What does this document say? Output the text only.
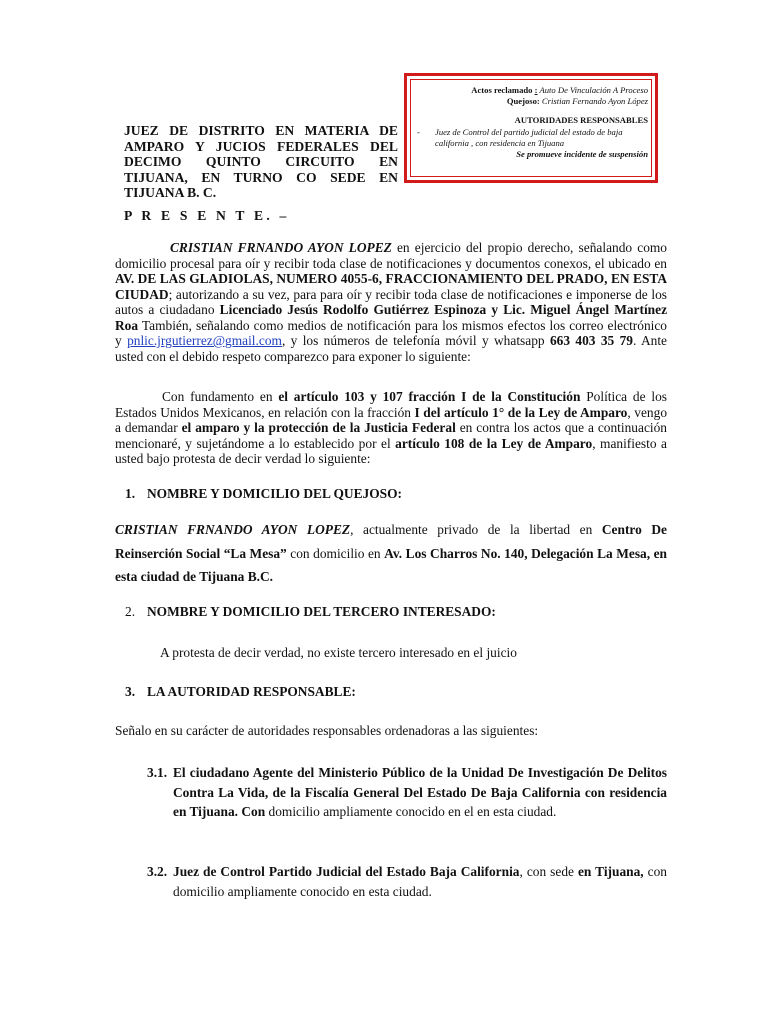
Actos reclamado : Auto De Vinculación A Proceso
Quejoso: Cristian Fernando Ayon López
AUTORIDADES RESPONSABLES
-	Juez de Control del partido judicial del estado de baja california , con residencia en Tijuana
Se promueve incidente de suspensión
JUEZ DE DISTRITO EN MATERIA DE AMPARO Y JUCIOS FEDERALES DEL DECIMO QUINTO CIRCUITO EN TIJUANA, EN TURNO CO SEDE EN TIJUANA B. C.
P R E S E N T E. –
CRISTIAN FRNANDO AYON LOPEZ en ejercicio del propio derecho, señalando como domicilio procesal para oír y recibir toda clase de notificaciones y documentos conexos, el ubicado en AV. DE LAS GLADIOLAS, NUMERO 4055-6, FRACCIONAMIENTO DEL PRADO, EN ESTA CIUDAD; autorizando a su vez, para para oír y recibir toda clase de notificaciones e imponerse de los autos a ciudadano Licenciado Jesús Rodolfo Gutiérrez Espinoza y Lic. Miguel Ángel Martínez Roa También, señalando como medios de notificación para los mismos efectos los correo electrónico y pnlic.jrgutierrez@gmail.com, y los números de telefonía móvil y whatsapp 663 403 35 79. Ante usted con el debido respeto comparezco para exponer lo siguiente:
Con fundamento en el artículo 103 y 107 fracción I de la Constitución Política de los Estados Unidos Mexicanos, en relación con la fracción I del artículo 1° de la Ley de Amparo, vengo a demandar el amparo y la protección de la Justicia Federal en contra los actos que a continuación mencionaré, y sujetándome a lo establecido por el artículo 108 de la Ley de Amparo, manifiesto a usted bajo protesta de decir verdad lo siguiente:
1. NOMBRE Y DOMICILIO DEL QUEJOSO:
CRISTIAN FRNANDO AYON LOPEZ, actualmente privado de la libertad en Centro De Reinserción Social “La Mesa” con domicilio en Av. Los Charros No. 140, Delegación La Mesa, en esta ciudad de Tijuana B.C.
2. NOMBRE Y DOMICILIO DEL TERCERO INTERESADO:
A protesta de decir verdad, no existe tercero interesado en el juicio
3. LA AUTORIDAD RESPONSABLE:
Señalo en su carácter de autoridades responsables ordenadoras a las siguientes:
3.1. El ciudadano Agente del Ministerio Público de la Unidad De Investigación De Delitos Contra La Vida, de la Fiscalía General Del Estado De Baja California con residencia en Tijuana. Con domicilio ampliamente conocido en el en esta ciudad.
3.2. Juez de Control Partido Judicial del Estado Baja California, con sede en Tijuana, con domicilio ampliamente conocido en esta ciudad.
